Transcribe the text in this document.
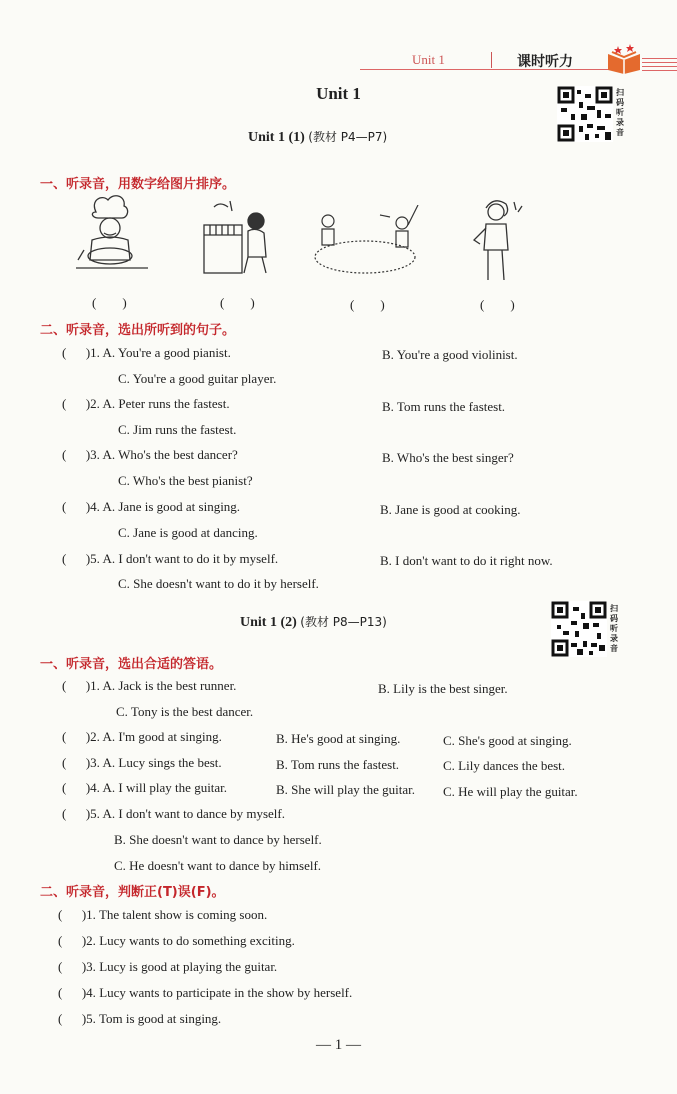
Unit 1	课时听力
Unit 1
Unit 1 (1) (教材 P4—P7)
扫码听录音
一、听录音，用数字给图片排序。
(　　)	(　　)	(　　)	(　　)
二、听录音，选出所听到的句子。
(      )1. A. You're a good pianist.	B. You're a good violinist.
C. You're a good guitar player.
(      )2. A. Peter runs the fastest.	B. Tom runs the fastest.
C. Jim runs the fastest.
(      )3. A. Who's the best dancer?	B. Who's the best singer?
C. Who's the best pianist?
(      )4. A. Jane is good at singing.	B. Jane is good at cooking.
C. Jane is good at dancing.
(      )5. A. I don't want to do it by myself.	B. I don't want to do it right now.
C. She doesn't want to do it by herself.
Unit 1 (2) (教材 P8—P13)
扫码听录音
一、听录音，选出合适的答语。
(      )1. A. Jack is the best runner.	B. Lily is the best singer.
C. Tony is the best dancer.
(      )2. A. I'm good at singing.	B. He's good at singing.	C. She's good at singing.
(      )3. A. Lucy sings the best.	B. Tom runs the fastest.	C. Lily dances the best.
(      )4. A. I will play the guitar.	B. She will play the guitar. C. He will play the guitar.
(      )5. A. I don't want to dance by myself.
B. She doesn't want to dance by herself.
C. He doesn't want to dance by himself.
二、听录音，判断正(T)误(F)。
(      )1. The talent show is coming soon.
(      )2. Lucy wants to do something exciting.
(      )3. Lucy is good at playing the guitar.
(      )4. Lucy wants to participate in the show by herself.
(      )5. Tom is good at singing.
— 1 —
